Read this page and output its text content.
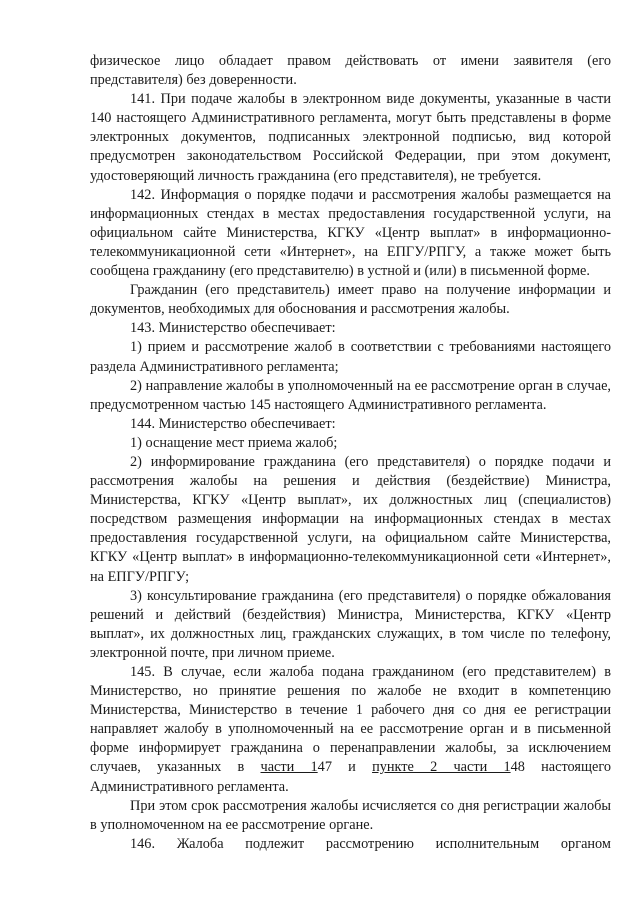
физическое лицо обладает правом действовать от имени заявителя (его представителя) без доверенности.

141. При подаче жалобы в электронном виде документы, указанные в части 140 настоящего Административного регламента, могут быть представлены в форме электронных документов, подписанных электронной подписью, вид которой предусмотрен законодательством Российской Федерации, при этом документ, удостоверяющий личность гражданина (его представителя), не требуется.

142. Информация о порядке подачи и рассмотрения жалобы размещается на информационных стендах в местах предоставления государственной услуги, на официальном сайте Министерства, КГКУ «Центр выплат» в информационно-телекоммуникационной сети «Интернет», на ЕПГУ/РПГУ, а также может быть сообщена гражданину (его представителю) в устной и (или) в письменной форме.

Гражданин (его представитель) имеет право на получение информации и документов, необходимых для обоснования и рассмотрения жалобы.

143. Министерство обеспечивает:

1) прием и рассмотрение жалоб в соответствии с требованиями настоящего раздела Административного регламента;

2) направление жалобы в уполномоченный на ее рассмотрение орган в случае, предусмотренном частью 145 настоящего Административного регламента.

144. Министерство обеспечивает:

1) оснащение мест приема жалоб;

2) информирование гражданина (его представителя) о порядке подачи и рассмотрения жалобы на решения и действия (бездействие) Министра, Министерства, КГКУ «Центр выплат», их должностных лиц (специалистов) посредством размещения информации на информационных стендах в местах предоставления государственной услуги, на официальном сайте Министерства, КГКУ «Центр выплат» в информационно-телекоммуникационной сети «Интернет», на ЕПГУ/РПГУ;

3) консультирование гражданина (его представителя) о порядке обжалования решений и действий (бездействия) Министра, Министерства, КГКУ «Центр выплат», их должностных лиц, гражданских служащих, в том числе по телефону, электронной почте, при личном приеме.

145. В случае, если жалоба подана гражданином (его представителем) в Министерство, но принятие решения по жалобе не входит в компетенцию Министерства, Министерство в течение 1 рабочего дня со дня ее регистрации направляет жалобу в уполномоченный на ее рассмотрение орган и в письменной форме информирует гражданина о перенаправлении жалобы, за исключением случаев, указанных в части 147 и пункте 2 части 148 настоящего Административного регламента.

При этом срок рассмотрения жалобы исчисляется со дня регистрации жалобы в уполномоченном на ее рассмотрение органе.

146. Жалоба подлежит рассмотрению исполнительным органом
